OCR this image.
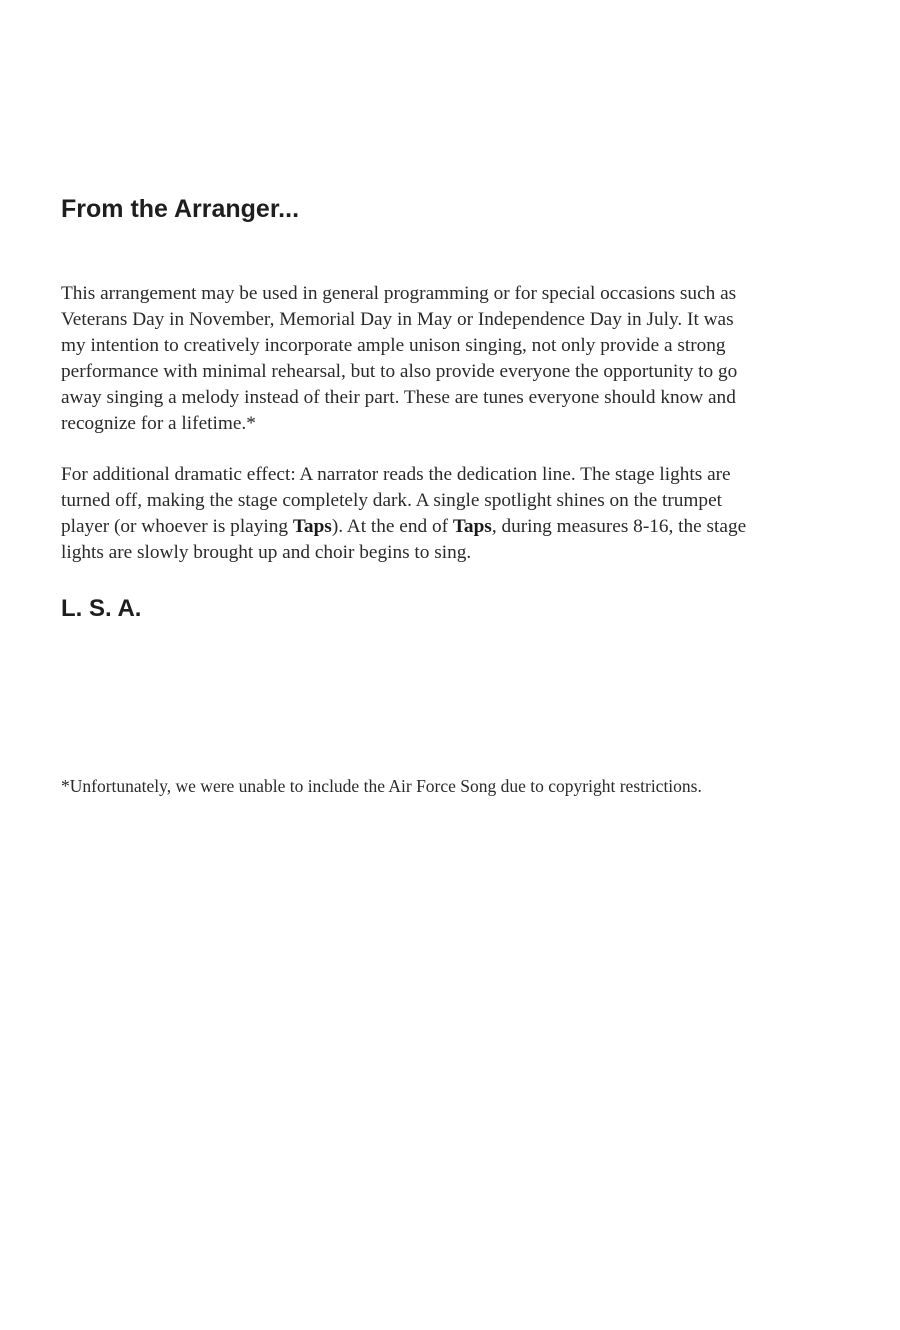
From the Arranger...

This arrangement may be used in general programming or for special occasions such as
Veterans Day in November, Memorial Day in May or Independence Day in July. It was
my intention to creatively incorporate ample unison singing, not only provide a strong
performance with minimal rehearsal, but to also provide everyone the opportunity to go
away singing a melody instead of their part. These are tunes everyone should know and
recognize for a lifetime.*

For additional dramatic effect: A narrator reads the dedication line. The stage lights are
turned off, making the stage completely dark. A single spotlight shines on the trumpet
player (or whoever is playing Taps). At the end of Taps, during measures 8-16, the stage
lights are slowly brought up and choir begins to sing.

L. S. A.
*Unfortunately, we were unable to include the Air Force Song due to copyright restrictions.
